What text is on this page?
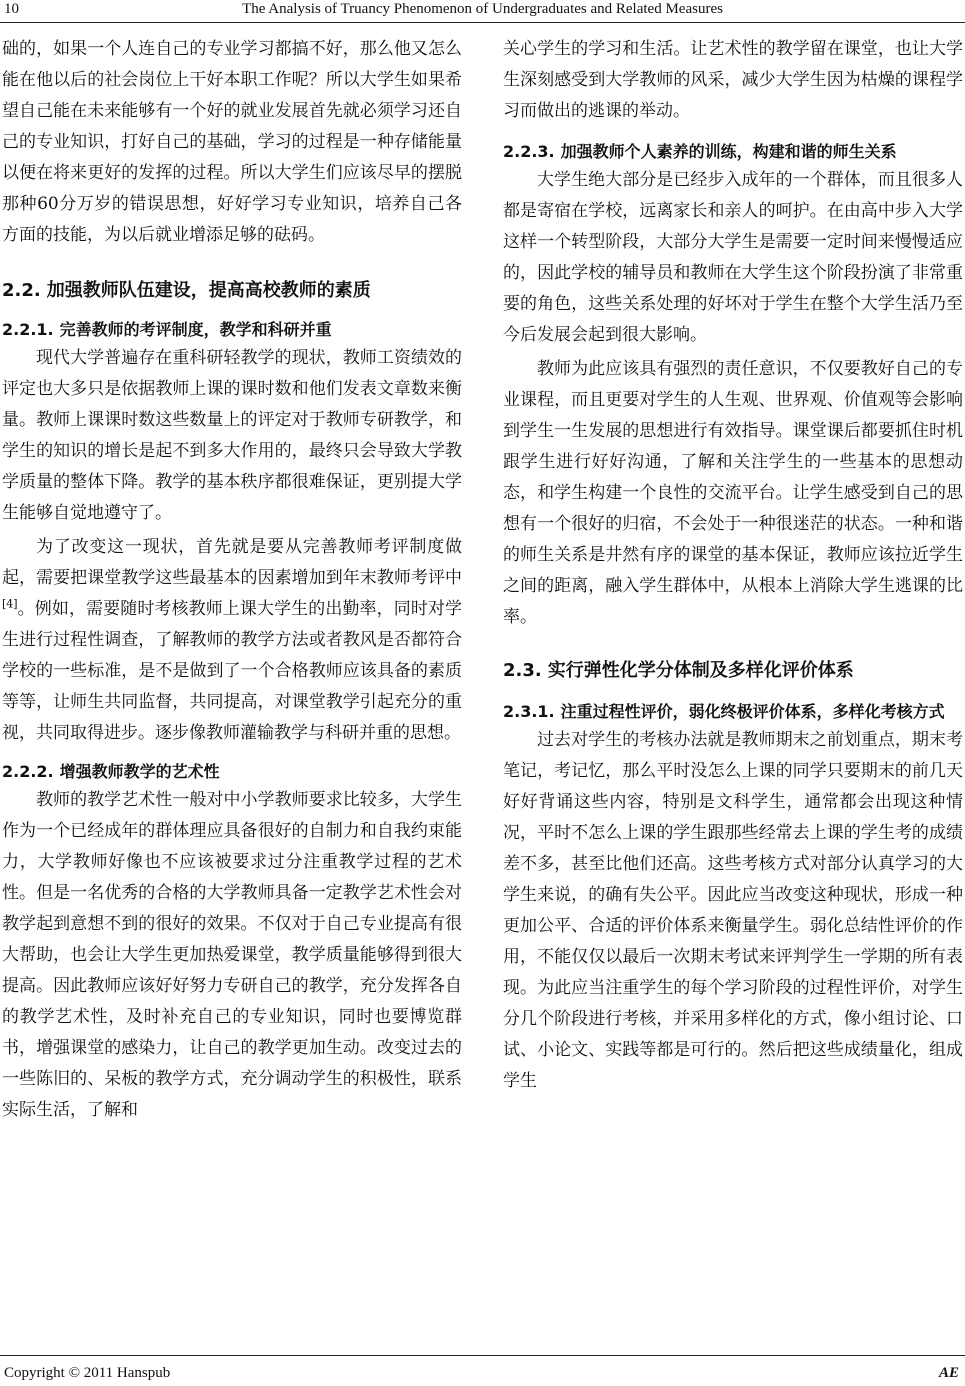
10	The Analysis of Truancy Phenomenon of Undergraduates and Related Measures

础的，如果一个人连自己的专业学习都搞不好，那么他又怎么能在他以后的社会岗位上干好本职工作呢？所以大学生如果希望自己能在未来能够有一个好的就业发展首先就必须学习还自己的专业知识，打好自己的基础，学习的过程是一种存储能量以便在将来更好的发挥的过程。所以大学生们应该尽早的摆脱那种60分万岁的错误思想，好好学习专业知识，培养自己各方面的技能，为以后就业增添足够的砝码。

2.2. 加强教师队伍建设，提高高校教师的素质
2.2.1. 完善教师的考评制度，教学和科研并重

现代大学普遍存在重科研轻教学的现状，教师工资绩效的评定也大多只是依据教师上课的课时数和他们发表文章数来衡量。教师上课课时数这些数量上的评定对于教师专研教学，和学生的知识的增长是起不到多大作用的，最终只会导致大学教学质量的整体下降。教学的基本秩序都很难保证，更别提大学生能够自觉地遵守了。

为了改变这一现状，首先就是要从完善教师考评制度做起，需要把课堂教学这些最基本的因素增加到年末教师考评中[4]。例如，需要随时考核教师上课大学生的出勤率，同时对学生进行过程性调查，了解教师的教学方法或者教风是否都符合学校的一些标准，是不是做到了一个合格教师应该具备的素质等等，让师生共同监督，共同提高，对课堂教学引起充分的重视，共同取得进步。逐步像教师灌输教学与科研并重的思想。

2.2.2. 增强教师教学的艺术性

教师的教学艺术性一般对中小学教师要求比较多，大学生作为一个已经成年的群体理应具备很好的自制力和自我约束能力，大学教师好像也不应该被要求过分注重教学过程的艺术性。但是一名优秀的合格的大学教师具备一定教学艺术性会对教学起到意想不到的很好的效果。不仅对于自己专业提高有很大帮助，也会让大学生更加热爱课堂，教学质量能够得到很大提高。因此教师应该好好努力专研自己的教学，充分发挥各自的教学艺术性，及时补充自己的专业知识，同时也要博览群书，增强课堂的感染力，让自己的教学更加生动。改变过去的一些陈旧的、呆板的教学方式，充分调动学生的积极性，联系实际生活，了解和

关心学生的学习和生活。让艺术性的教学留在课堂，也让大学生深刻感受到大学教师的风采，减少大学生因为枯燥的课程学习而做出的逃课的举动。

2.2.3. 加强教师个人素养的训练，构建和谐的师生关系

大学生绝大部分是已经步入成年的一个群体，而且很多人都是寄宿在学校，远离家长和亲人的呵护。在由高中步入大学这样一个转型阶段，大部分大学生是需要一定时间来慢慢适应的，因此学校的辅导员和教师在大学生这个阶段扮演了非常重要的角色，这些关系处理的好坏对于学生在整个大学生活乃至今后发展会起到很大影响。

教师为此应该具有强烈的责任意识，不仅要教好自己的专业课程，而且更要对学生的人生观、世界观、价值观等会影响到学生一生发展的思想进行有效指导。课堂课后都要抓住时机跟学生进行好好沟通，了解和关注学生的一些基本的思想动态，和学生构建一个良性的交流平台。让学生感受到自己的思想有一个很好的归宿，不会处于一种很迷茫的状态。一种和谐的师生关系是井然有序的课堂的基本保证，教师应该拉近学生之间的距离，融入学生群体中，从根本上消除大学生逃课的比率。

2.3. 实行弹性化学分体制及多样化评价体系
2.3.1. 注重过程性评价，弱化终极评价体系，多样化考核方式

过去对学生的考核办法就是教师期末之前划重点，期末考笔记，考记忆，那么平时没怎么上课的同学只要期末的前几天好好背诵这些内容，特别是文科学生，通常都会出现这种情况，平时不怎么上课的学生跟那些经常去上课的学生考的成绩差不多，甚至比他们还高。这些考核方式对部分认真学习的大学生来说，的确有失公平。因此应当改变这种现状，形成一种更加公平、合适的评价体系来衡量学生。弱化总结性评价的作用，不能仅仅以最后一次期末考试来评判学生一学期的所有表现。为此应当注重学生的每个学习阶段的过程性评价，对学生分几个阶段进行考核，并采用多样化的方式，像小组讨论、口试、小论文、实践等都是可行的。然后把这些成绩量化，组成学生

Copyright © 2011 Hanspub	AE
